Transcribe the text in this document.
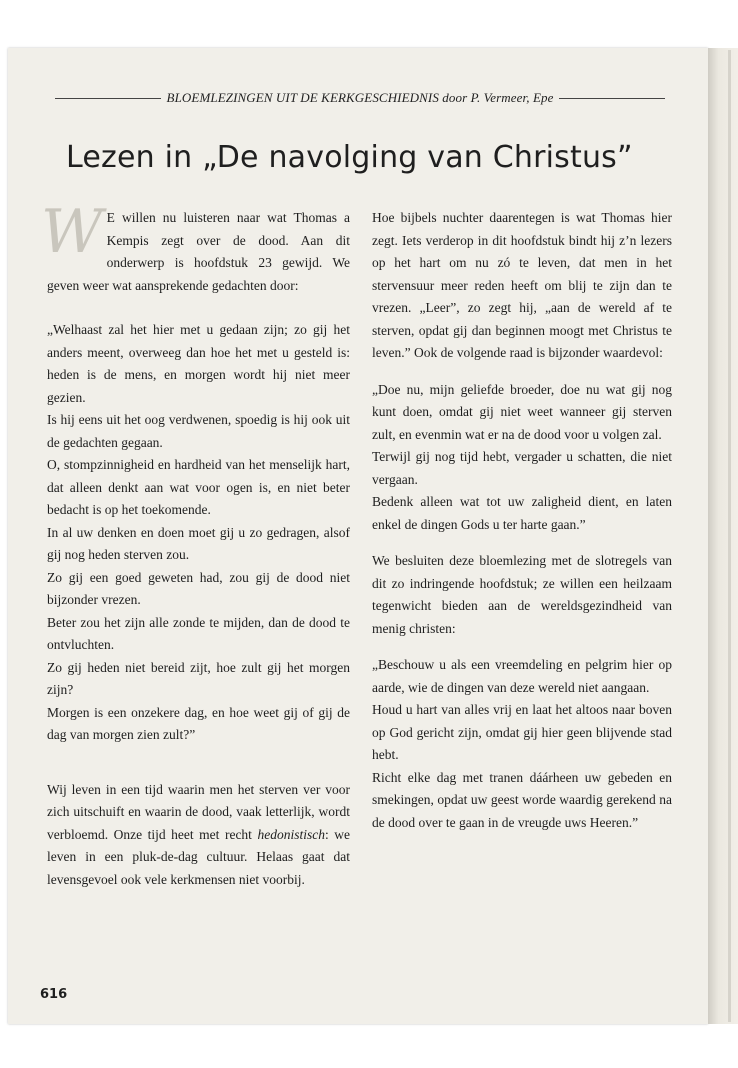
BLOEMLEZINGEN UIT DE KERKGESCHIEDNIS door P. Vermeer, Epe
Lezen in „De navolging van Christus”

W E willen nu luisteren naar wat Thomas a Kempis zegt over de dood. Aan dit onderwerp is hoofdstuk 23 gewijd. We geven weer wat aansprekende gedachten door:

„Welhaast zal het hier met u gedaan zijn; zo gij het anders meent, overweeg dan hoe het met u gesteld is: heden is de mens, en morgen wordt hij niet meer gezien.

Is hij eens uit het oog verdwenen, spoedig is hij ook uit de gedachten gegaan.

O, stompzinnigheid en hardheid van het menselijk hart, dat alleen denkt aan wat voor ogen is, en niet beter bedacht is op het toekomende.

In al uw denken en doen moet gij u zo gedragen, alsof gij nog heden sterven zou.

Zo gij een goed geweten had, zou gij de dood niet bijzonder vrezen.

Beter zou het zijn alle zonde te mijden, dan de dood te ontvluchten.

Zo gij heden niet bereid zijt, hoe zult gij het morgen zijn?

Morgen is een onzekere dag, en hoe weet gij of gij de dag van morgen zien zult?”

Wij leven in een tijd waarin men het sterven ver voor zich uitschuift en waarin de dood, vaak letterlijk, wordt verbloemd. Onze tijd heet met recht hedonistisch: we leven in een pluk-de-dag cultuur. Helaas gaat dat levensgevoel ook vele kerkmensen niet voorbij.

Hoe bijbels nuchter daarentegen is wat Thomas hier zegt. Iets verderop in dit hoofdstuk bindt hij z’n lezers op het hart om nu zó te leven, dat men in het stervensuur meer reden heeft om blij te zijn dan te vrezen. „Leer”, zo zegt hij, „aan de wereld af te sterven, opdat gij dan beginnen moogt met Christus te leven.” Ook de volgende raad is bijzonder waardevol:

„Doe nu, mijn geliefde broeder, doe nu wat gij nog kunt doen, omdat gij niet weet wanneer gij sterven zult, en evenmin wat er na de dood voor u volgen zal.

Terwijl gij nog tijd hebt, vergader u schatten, die niet vergaan.

Bedenk alleen wat tot uw zaligheid dient, en laten enkel de dingen Gods u ter harte gaan.”

We besluiten deze bloemlezing met de slotregels van dit zo indringende hoofdstuk; ze willen een heilzaam tegenwicht bieden aan de wereldsgezindheid van menig christen:

„Beschouw u als een vreemdeling en pelgrim hier op aarde, wie de dingen van deze wereld niet aangaan.

Houd u hart van alles vrij en laat het altoos naar boven op God gericht zijn, omdat gij hier geen blijvende stad hebt.

Richt elke dag met tranen dáárheen uw gebeden en smekingen, opdat uw geest worde waardig gerekend na de dood over te gaan in de vreugde uws Heeren.”

616
